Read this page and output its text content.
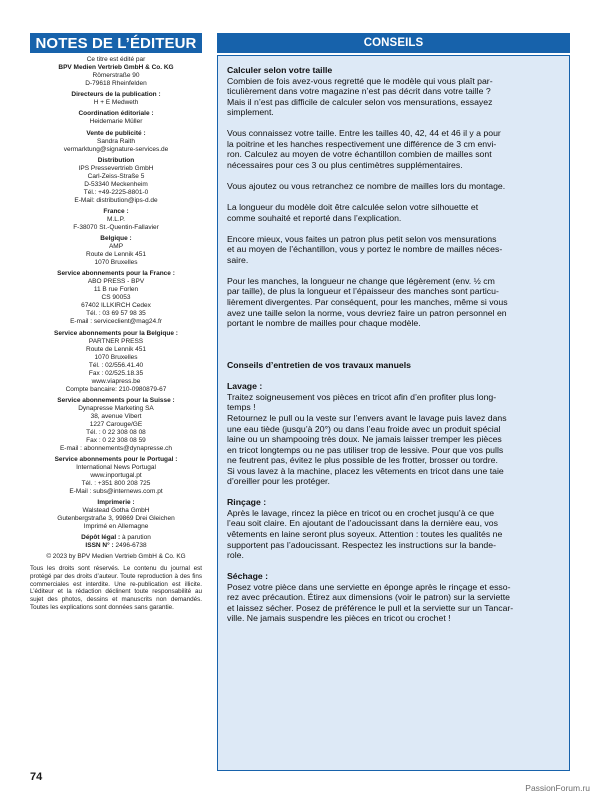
NOTES DE L’ÉDITEUR
Ce titre est édité par
BPV Medien Vertrieb GmbH & Co. KG
Römerstraße 90
D-79618 Rheinfelden
Directeurs de la publication :
H + E Medweth
Coordination éditoriale :
Heidemarie Müller
Vente de publicité :
Sandra Raith
vermarktung@signature-services.de
Distribution
IPS Pressevertrieb GmbH
Carl-Zeiss-Straße 5
D-53340 Meckenheim
Tél.: +49-2225-8801-0
E-Mail: distribution@ips-d.de
France :
M.L.P.
F-38070 St.-Quentin-Fallavier
Belgique :
AMP
Route de Lennik 451
1070 Bruxelles
Service abonnements pour la France :
ABO PRESS - BPV
11 B rue Forlen
CS 90053
67402 ILLKIRCH Cedex
Tél. : 03 69 57 98 35
E-mail : serviceclient@mag24.fr
Service abonnements pour la Belgique :
PARTNER PRESS
Route de Lennik 451
1070 Bruxelles
Tél. : 02/556.41.40
Fax : 02/525.18.35
www.viapress.be
Compte bancaire: 210-0980879-67
Service abonnements pour la Suisse :
Dynapresse Marketing SA
38, avenue Vibert
1227 Carouge/GE
Tél. : 0 22 308 08 08
Fax : 0 22 308 08 59
E-mail : abonnements@dynapresse.ch
Service abonnements pour le Portugal :
International News Portugal
www.inportugal.pt
Tél. : +351 800 208 725
E-Mail : subs@internews.com.pt
Imprimerie :
Walstead Gotha GmbH
Gutenbergstraße 3, 99869 Drei Gleichen
Imprimé en Allemagne
Dépôt légal : à parution
ISSN N° : 2496-6738
© 2023 by BPV Medien Vertrieb GmbH & Co. KG
Tous les droits sont réservés. Le contenu du journal est protégé par des droits d’auteur. Toute reproduction à des fins commerciales est interdite. Une re-publication est illicite. L’éditeur et la rédaction déclinent toute responsabilité au sujet des photos, dessins et manuscrits non demandés. Toutes les explications sont données sans garantie.
CONSEILS

Calculer selon votre taille

Combien de fois avez-vous regretté que le modèle qui vous plaît par-
ticulièrement dans votre magazine n’est pas décrit dans votre taille ?
Mais il n’est pas difficile de calculer selon vos mensurations, essayez
simplement.

Vous connaissez votre taille. Entre les tailles 40, 42, 44 et 46 il y a pour
la poitrine et les hanches respectivement une différence de 3 cm envi-
ron. Calculez au moyen de votre échantillon combien de mailles sont
nécessaires pour ces 3 ou plus centimètres supplémentaires.

Vous ajoutez ou vous retranchez ce nombre de mailles lors du montage.

La longueur du modèle doit être calculée selon votre silhouette et
comme souhaité et reporté dans l’explication.

Encore mieux, vous faites un patron plus petit selon vos mensurations
et au moyen de l’échantillon, vous y portez le nombre de mailles néces-
saire.

Pour les manches, la longueur ne change que légèrement (env. ½ cm
par taille), de plus la longueur et l’épaisseur des manches sont particu-
lièrement divergentes. Par conséquent, pour les manches, même si vous
avez une taille selon la norme, vous devriez faire un patron personnel en
portant le nombre de mailles pour chaque modèle.

Conseils d’entretien de vos travaux manuels

Lavage :
Traitez soigneusement vos pièces en tricot afin d’en profiter plus long-
temps !
Retournez le pull ou la veste sur l’envers avant le lavage puis lavez dans
une eau tiède (jusqu’à 20°) ou dans l’eau froide avec un produit spécial
laine ou un shampooing très doux. Ne jamais laisser tremper les pièces
en tricot longtemps ou ne pas utiliser trop de lessive. Pour que vos pulls
ne feutrent pas, évitez le plus possible de les frotter, brosser ou tordre.
Si vous lavez à la machine, placez les vêtements en tricot dans une taie
d’oreiller pour les protéger.

Rinçage :
Après le lavage, rincez la pièce en tricot ou en crochet jusqu’à ce que
l’eau soit claire. En ajoutant de l’adoucissant dans la dernière eau, vos
vêtements en laine seront plus soyeux. Attention : toutes les qualités ne
supportent pas l’adoucissant. Respectez les instructions sur la bande-
role.

Séchage :
Posez votre pièce dans une serviette en éponge après le rinçage et esso-
rez avec précaution. Étirez aux dimensions (voir le patron) sur la serviette
et laissez sécher. Posez de préférence le pull et la serviette sur un Tancar-
ville. Ne jamais suspendre les pièces en tricot ou crochet !

74
PassionForum.ru
